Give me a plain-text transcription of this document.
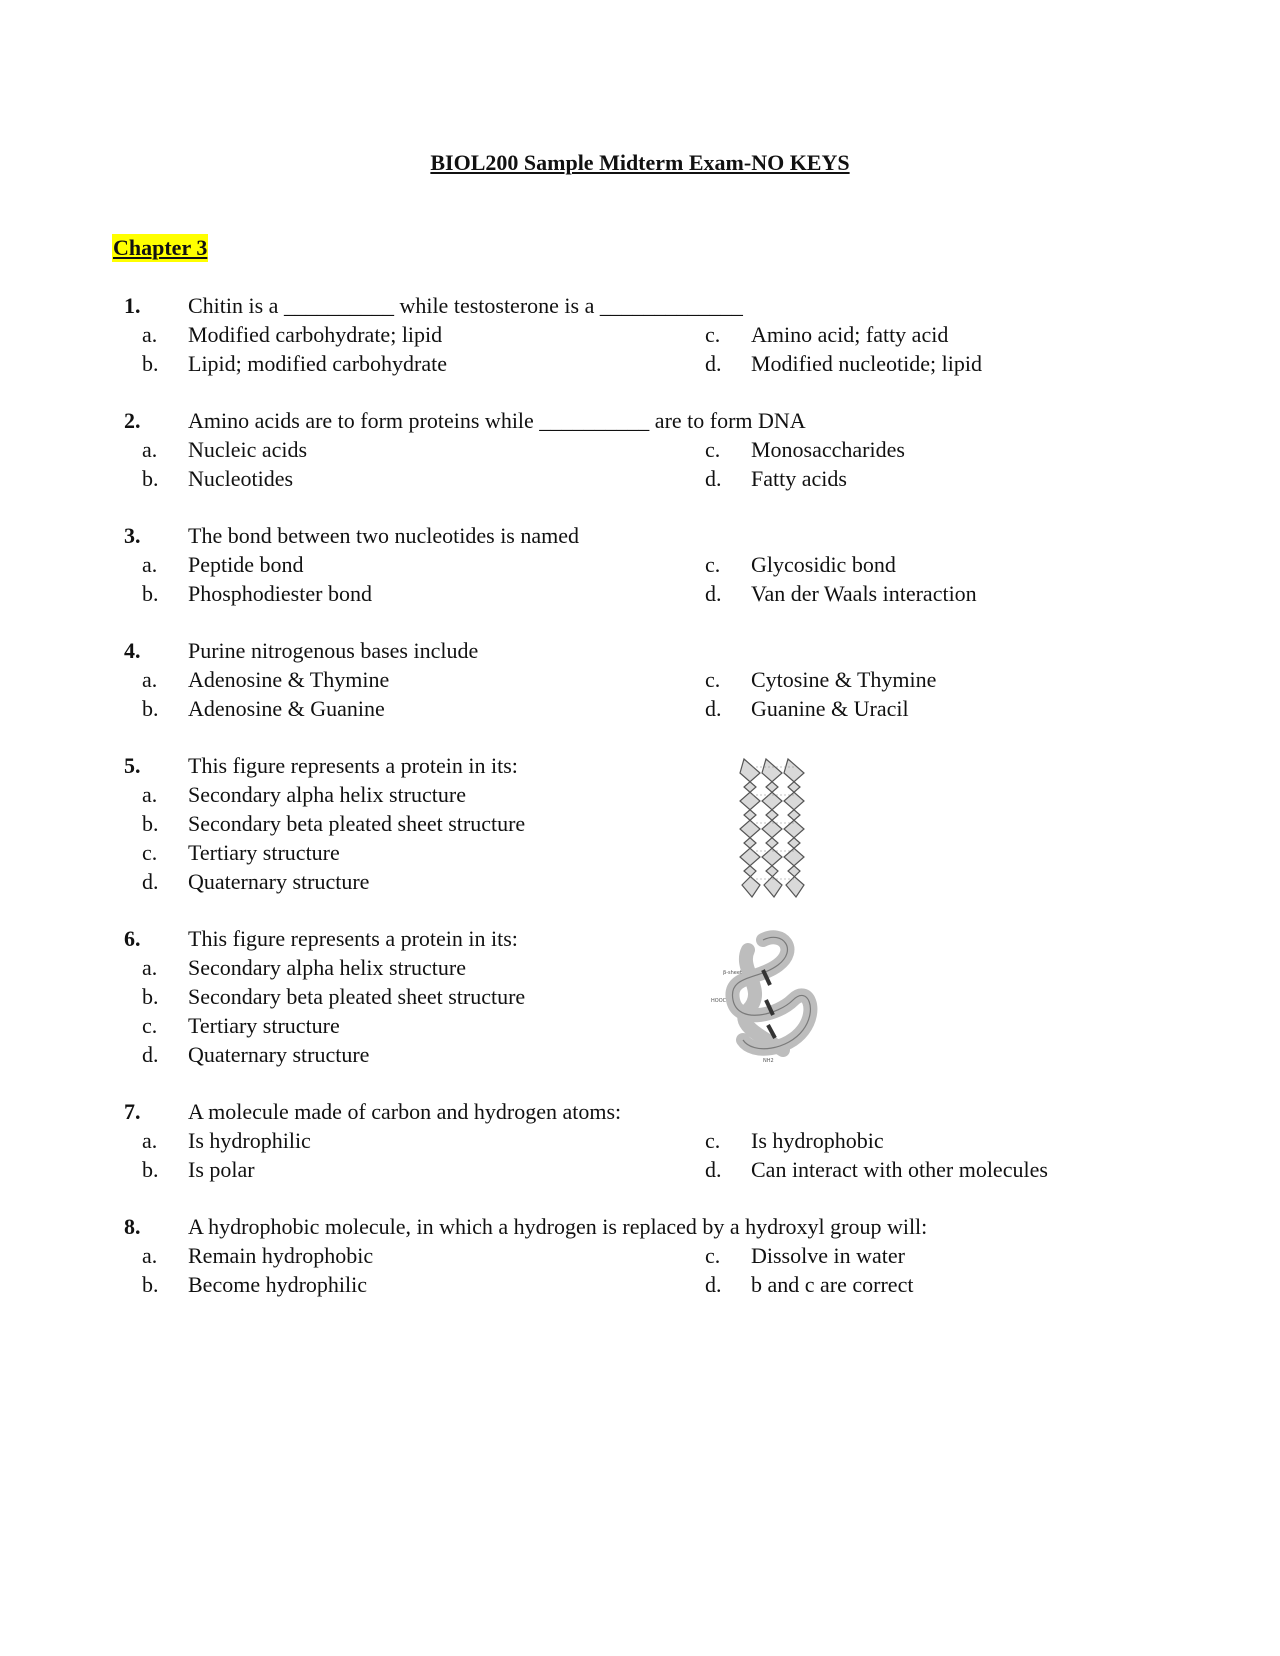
BIOL200 Sample Midterm Exam-NO KEYS
Chapter 3
1. Chitin is a __________ while testosterone is a _____________
a. Modified carbohydrate; lipid	c. Amino acid; fatty acid
b. Lipid; modified carbohydrate	d. Modified nucleotide; lipid
2. Amino acids are to form proteins while __________ are to form DNA
a. Nucleic acids	c. Monosaccharides
b. Nucleotides	d. Fatty acids
3. The bond between two nucleotides is named
a. Peptide bond	c. Glycosidic bond
b. Phosphodiester bond	d. Van der Waals interaction
4. Purine nitrogenous bases include
a. Adenosine & Thymine	c. Cytosine & Thymine
b. Adenosine & Guanine	d. Guanine & Uracil
5. This figure represents a protein in its:
a. Secondary alpha helix structure
b. Secondary beta pleated sheet structure
c. Tertiary structure
d. Quaternary structure
6. This figure represents a protein in its:
a. Secondary alpha helix structure
b. Secondary beta pleated sheet structure
c. Tertiary structure
d. Quaternary structure
β-sheet
HOOC
NH2
7. A molecule made of carbon and hydrogen atoms:
a. Is hydrophilic	c. Is hydrophobic
b. Is polar	d. Can interact with other molecules
8. A hydrophobic molecule, in which a hydrogen is replaced by a hydroxyl group will:
a. Remain hydrophobic	c. Dissolve in water
b. Become hydrophilic	d. b and c are correct
